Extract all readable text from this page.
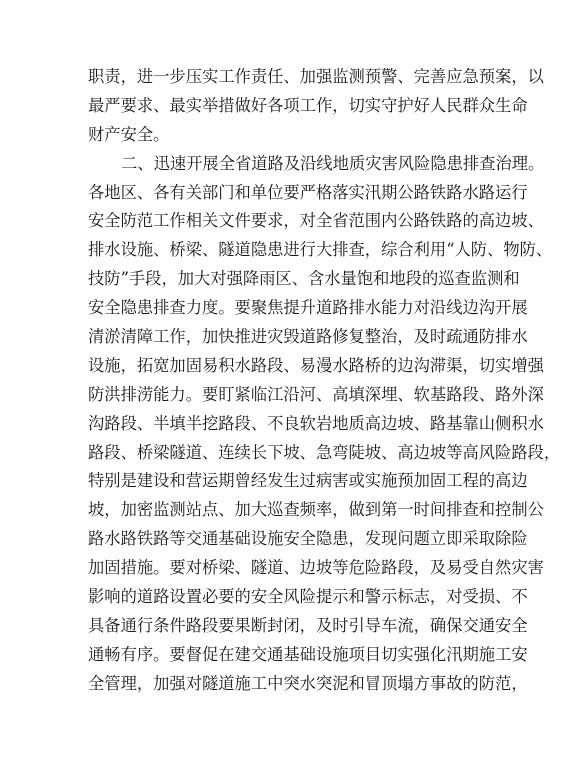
职责，进一步压实工作责任、加强监测预警、完善应急预案，以
最严要求、最实举措做好各项工作，切实守护好人民群众生命
财产安全。
二、迅速开展全省道路及沿线地质灾害风险隐患排查治理。
各地区、各有关部门和单位要严格落实汛期公路铁路水路运行
安全防范工作相关文件要求，对全省范围内公路铁路的高边坡、
排水设施、桥梁、隧道隐患进行大排查，综合利用“人防、物防、
技防”手段，加大对强降雨区、含水量饱和地段的巡查监测和
安全隐患排查力度。要聚焦提升道路排水能力对沿线边沟开展
清淤清障工作，加快推进灾毁道路修复整治，及时疏通防排水
设施，拓宽加固易积水路段、易漫水路桥的边沟滞渠，切实增强
防洪排涝能力。要盯紧临江沿河、高填深埋、软基路段、路外深
沟路段、半填半挖路段、不良软岩地质高边坡、路基靠山侧积水
路段、桥梁隧道、连续长下坡、急弯陡坡、高边坡等高风险路段，
特别是建设和营运期曾经发生过病害或实施预加固工程的高边
坡，加密监测站点、加大巡查频率，做到第一时间排查和控制公
路水路铁路等交通基础设施安全隐患，发现问题立即采取除险
加固措施。要对桥梁、隧道、边坡等危险路段，及易受自然灾害
影响的道路设置必要的安全风险提示和警示标志，对受损、不
具备通行条件路段要果断封闭，及时引导车流，确保交通安全
通畅有序。要督促在建交通基础设施项目切实强化汛期施工安
全管理，加强对隧道施工中突水突泥和冒顶塌方事故的防范，
